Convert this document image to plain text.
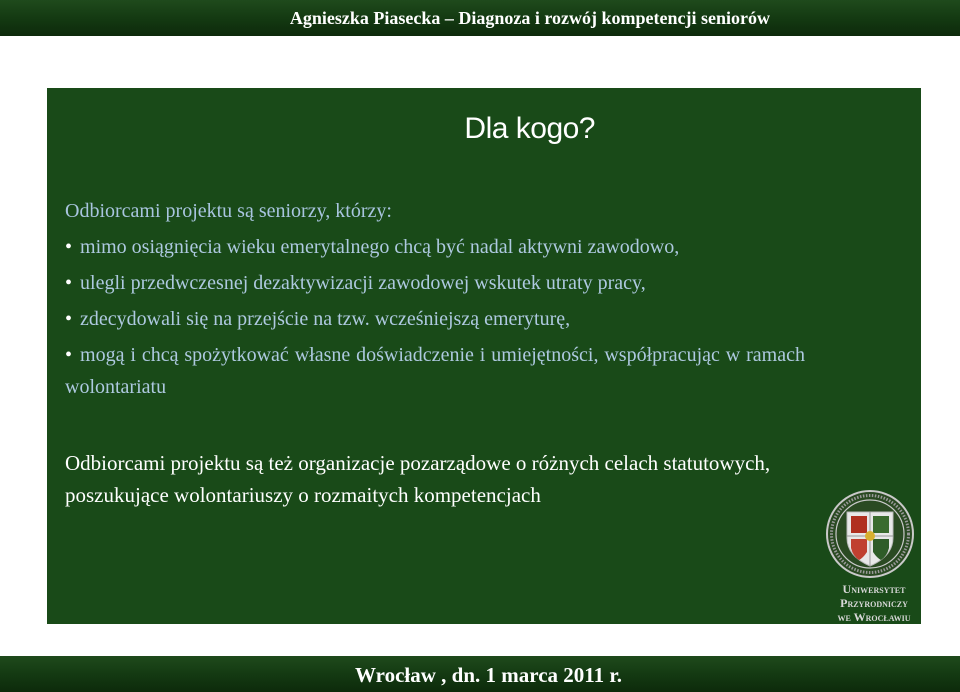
Agnieszka Piasecka – Diagnoza i rozwój kompetencji seniorów
Dla kogo?

Odbiorcami projektu są seniorzy, którzy:

• mimo osiągnięcia wieku emerytalnego chcą być nadal aktywni zawodowo,
• ulegli przedwczesnej dezaktywizacji zawodowej wskutek utraty pracy,
• zdecydowali się na przejście na tzw. wcześniejszą emeryturę,
• mogą i chcą spożytkować własne doświadczenie i umiejętności, współpracując w ramach wolontariatu

Odbiorcami projektu są też organizacje pozarządowe o różnych celach statutowych, poszukujące wolontariuszy o rozmaitych kompetencjach

Uniwersytet
Przyrodniczy
we Wrocławiu
Wrocław , dn. 1 marca 2011 r.
